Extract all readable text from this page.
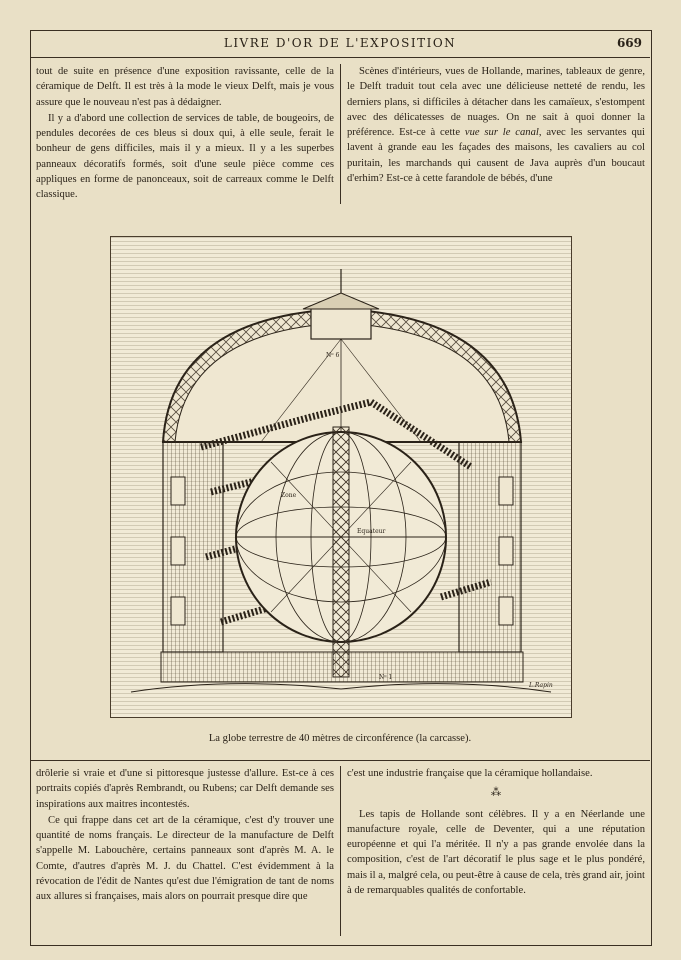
LIVRE D'OR DE L'EXPOSITION	669

tout de suite en présence d'une exposition ravissante, celle de la céramique de Delft. Il est très à la mode le vieux Delft, mais je vous assure que le nouveau n'est pas à dédaigner.

Il y a d'abord une collection de services de table, de bougeoirs, de pendules decorées de ces bleus si doux qui, à elle seule, ferait le bonheur de gens difficiles, mais il y a mieux. Il y a les superbes panneaux décoratifs formés, soit d'une seule pièce comme ces appliques en forme de panonceaux, soit de carreaux comme le Delft classique.

Scènes d'intérieurs, vues de Hollande, marines, tableaux de genre, le Delft traduit tout cela avec une délicieuse netteté de rendu, les derniers plans, si difficiles à détacher dans les camaïeux, s'estompent avec des délicatesses de nuages. On ne sait à quoi donner la préférence. Est-ce à cette vue sur le canal, avec les servantes qui lavent à grande eau les façades des maisons, les cavaliers au col puritain, les marchands qui causent de Java auprès d'un boucaut d'erhim? Est-ce à cette farandole de bébés, d'une

Nᵒ 6
Equateur
Zone
Nᵒ 1
L.Rapin
La globe terrestre de 40 mètres de circonférence (la carcasse).

drôlerie si vraie et d'une si pittoresque justesse d'allure. Est-ce à ces portraits copiés d'après Rembrandt, ou Rubens; car Delft demande ses inspirations aux maitres incontestés.

Ce qui frappe dans cet art de la céramique, c'est d'y trouver une quantité de noms français. Le directeur de la manufacture de Delft s'appelle M. Labouchère, certains panneaux sont d'après M. A. le Comte, d'autres d'après M. J. du Chattel. C'est évidemment à la révocation de l'édit de Nantes qu'est due l'émigration de tant de noms aux allures si françaises, mais alors on pourrait presque dire que

c'est une industrie française que la céramique hollandaise.

⁂

Les tapis de Hollande sont célèbres. Il y a en Néerlande une manufacture royale, celle de Deventer, qui a une réputation européenne et qui l'a méritée. Il n'y a pas grande envolée dans la composition, c'est de l'art décoratif le plus sage et le plus pondéré, mais il a, malgré cela, ou peut-être à cause de cela, très grand air, joint à de remarquables qualités de confortable.
